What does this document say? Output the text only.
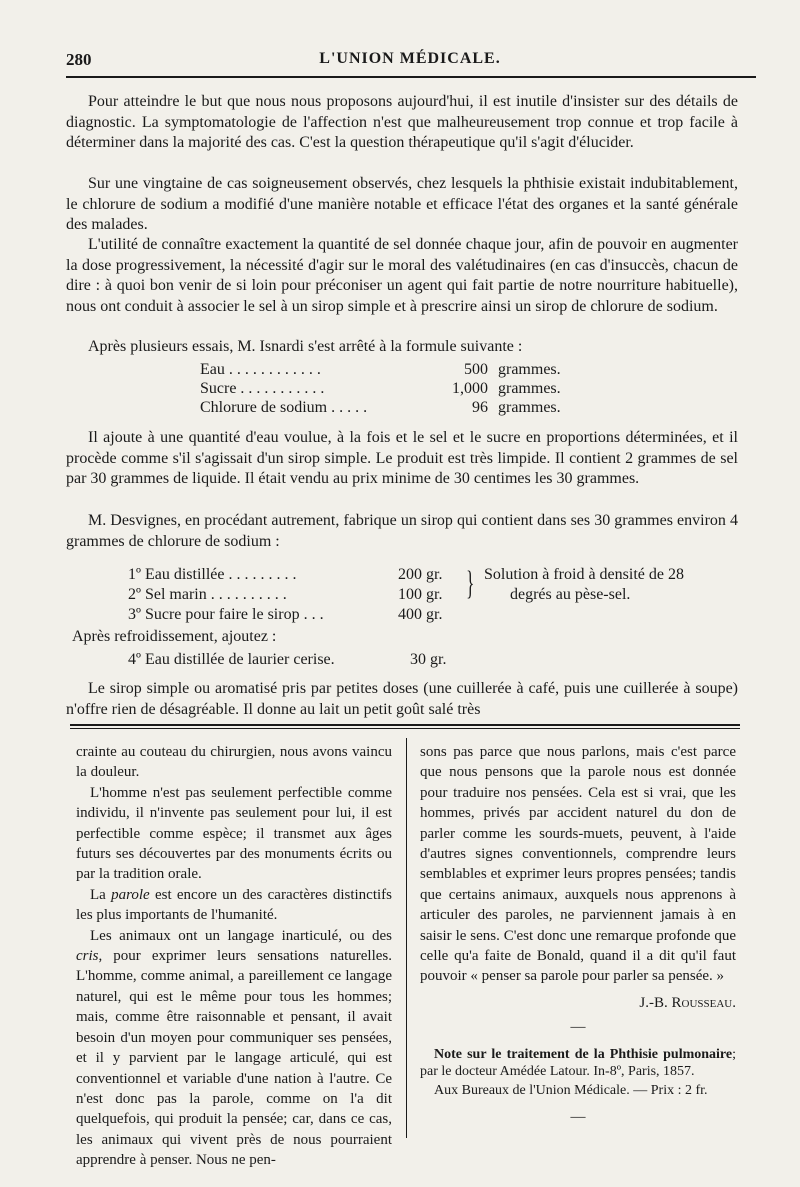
280	L'UNION MÉDICALE.

Pour atteindre le but que nous nous proposons aujourd'hui, il est inutile d'insister sur des détails de diagnostic. La symptomatologie de l'affection n'est que malheureusement trop connue et trop facile à déterminer dans la majorité des cas. C'est la question thérapeutique qu'il s'agit d'élucider.

Sur une vingtaine de cas soigneusement observés, chez lesquels la phthisie existait indubitablement, le chlorure de sodium a modifié d'une manière notable et efficace l'état des organes et la santé générale des malades.

L'utilité de connaître exactement la quantité de sel donnée chaque jour, afin de pouvoir en augmenter la dose progressivement, la nécessité d'agir sur le moral des valétudinaires (en cas d'insuccès, chacun de dire : à quoi bon venir de si loin pour préconiser un agent qui fait partie de notre nourriture habituelle), nous ont conduit à associer le sel à un sirop simple et à prescrire ainsi un sirop de chlorure de sodium.

Après plusieurs essais, M. Isnardi s'est arrêté à la formule suivante :

Eau . . . . . . . . . . . .	500 grammes.
Sucre . . . . . . . . . . .	1,000 grammes.
Chlorure de sodium . . . . .	96 grammes.

Il ajoute à une quantité d'eau voulue, à la fois et le sel et le sucre en proportions déterminées, et il procède comme s'il s'agissait d'un sirop simple. Le produit est très limpide. Il contient 2 grammes de sel par 30 grammes de liquide. Il était vendu au prix minime de 30 centimes les 30 grammes.

M. Desvignes, en procédant autrement, fabrique un sirop qui contient dans ses 30 grammes environ 4 grammes de chlorure de sodium :

1º Eau distillée . . . . . . . . .	200 gr.
2º Sel marin . . . . . . . . . .	100 gr.
3º Sucre pour faire le sirop . . .	400 gr.
} Solution à froid à densité de 28
degrés au pèse-sel.
Après refroidissement, ajoutez :
4º Eau distillée de laurier cerise.	30 gr.

Le sirop simple ou aromatisé pris par petites doses (une cuillerée à café, puis une cuillerée à soupe) n'offre rien de désagréable. Il donne au lait un petit goût salé très

crainte au couteau du chirurgien, nous avons vaincu la douleur.

L'homme n'est pas seulement perfectible comme individu, il n'invente pas seulement pour lui, il est perfectible comme espèce; il transmet aux âges futurs ses découvertes par des monuments écrits ou par la tradition orale.

La parole est encore un des caractères distinctifs les plus importants de l'humanité.

Les animaux ont un langage inarticulé, ou des cris, pour exprimer leurs sensations naturelles. L'homme, comme animal, a pareillement ce langage naturel, qui est le même pour tous les hommes; mais, comme être raisonnable et pensant, il avait besoin d'un moyen pour communiquer ses pensées, et il y parvient par le langage articulé, qui est conventionnel et variable d'une nation à l'autre. Ce n'est donc pas la parole, comme on l'a dit quelquefois, qui produit la pensée; car, dans ce cas, les animaux qui vivent près de nous pourraient apprendre à penser. Nous ne pen-

sons pas parce que nous parlons, mais c'est parce que nous pensons que la parole nous est donnée pour traduire nos pensées. Cela est si vrai, que les hommes, privés par accident naturel du don de parler comme les sourds-muets, peuvent, à l'aide d'autres signes conventionnels, comprendre leurs semblables et exprimer leurs propres pensées; tandis que certains animaux, auxquels nous apprenons à articuler des paroles, ne parviennent jamais à en saisir le sens. C'est donc une remarque profonde que celle qu'a faite de Bonald, quand il a dit qu'il faut pouvoir « penser sa parole pour parler sa pensée. »

J.-B. Rousseau.

—

Note sur le traitement de la Phthisie pulmonaire; par le docteur Amédée Latour. In-8º, Paris, 1857.

Aux Bureaux de l'Union Médicale. — Prix : 2 fr.

—
